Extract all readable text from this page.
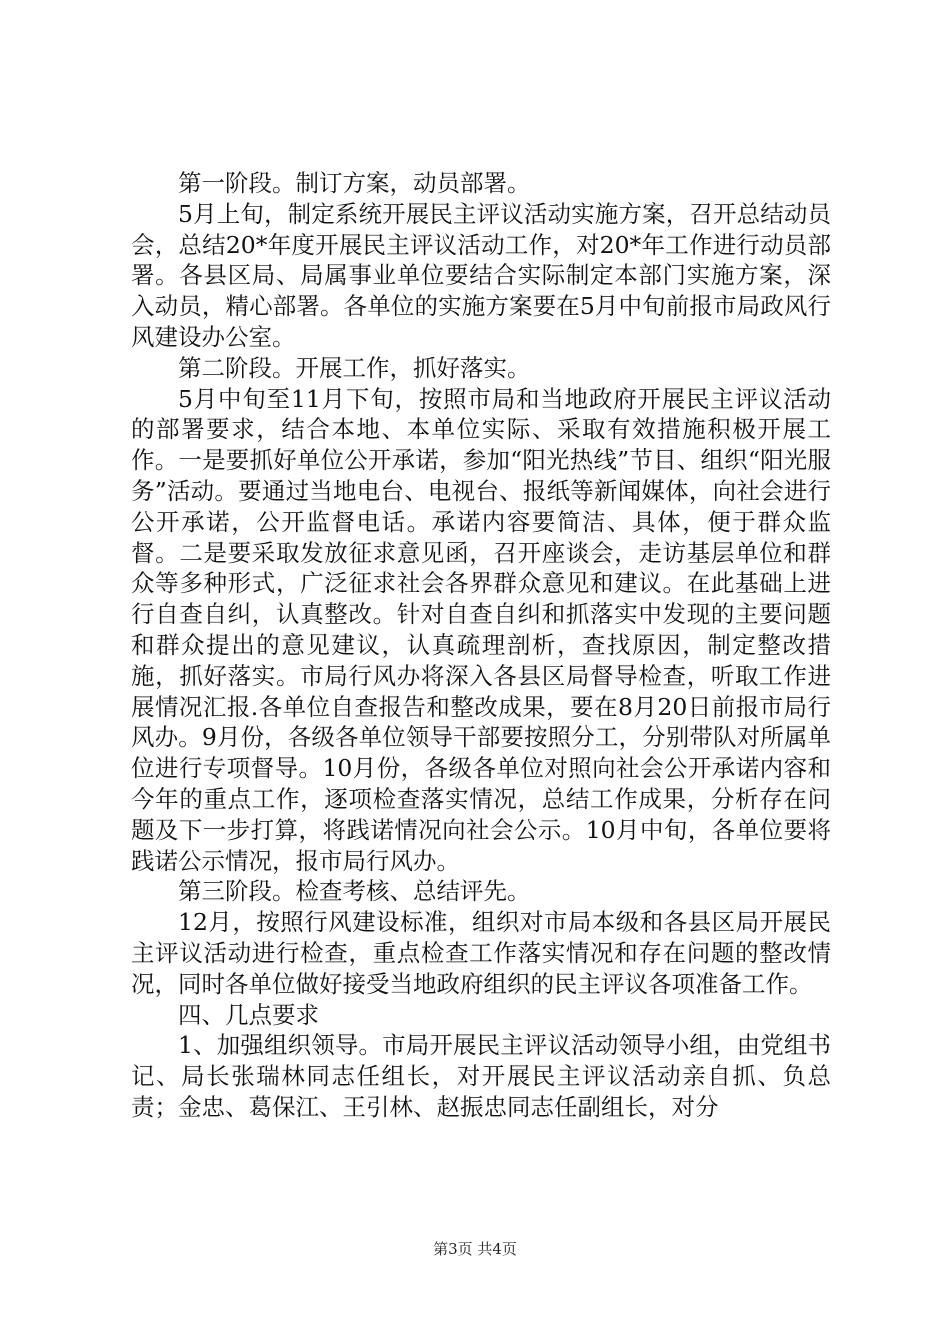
第一阶段。制订方案，动员部署。

5月上旬，制定系统开展民主评议活动实施方案，召开总结动员会，总结20*年度开展民主评议活动工作，对20*年工作进行动员部署。各县区局、局属事业单位要结合实际制定本部门实施方案，深入动员，精心部署。各单位的实施方案要在5月中旬前报市局政风行风建设办公室。

第二阶段。开展工作，抓好落实。

5月中旬至11月下旬，按照市局和当地政府开展民主评议活动的部署要求，结合本地、本单位实际、采取有效措施积极开展工作。一是要抓好单位公开承诺，参加“阳光热线”节目、组织“阳光服务”活动。要通过当地电台、电视台、报纸等新闻媒体，向社会进行公开承诺，公开监督电话。承诺内容要简洁、具体，便于群众监督。二是要采取发放征求意见函，召开座谈会，走访基层单位和群众等多种形式，广泛征求社会各界群众意见和建议。在此基础上进行自查自纠，认真整改。针对自查自纠和抓落实中发现的主要问题和群众提出的意见建议，认真疏理剖析，查找原因，制定整改措施，抓好落实。市局行风办将深入各县区局督导检查，听取工作进展情况汇报.各单位自查报告和整改成果，要在8月20日前报市局行风办。9月份，各级各单位领导干部要按照分工，分别带队对所属单位进行专项督导。10月份，各级各单位对照向社会公开承诺内容和今年的重点工作，逐项检查落实情况，总结工作成果，分析存在问题及下一步打算，将践诺情况向社会公示。10月中旬，各单位要将践诺公示情况，报市局行风办。

第三阶段。检查考核、总结评先。

12月，按照行风建设标准，组织对市局本级和各县区局开展民主评议活动进行检查，重点检查工作落实情况和存在问题的整改情况，同时各单位做好接受当地政府组织的民主评议各项准备工作。

四、几点要求

1、加强组织领导。市局开展民主评议活动领导小组，由党组书记、局长张瑞林同志任组长，对开展民主评议活动亲自抓、负总责；金忠、葛保江、王引林、赵振忠同志任副组长，对分

第3页 共4页
